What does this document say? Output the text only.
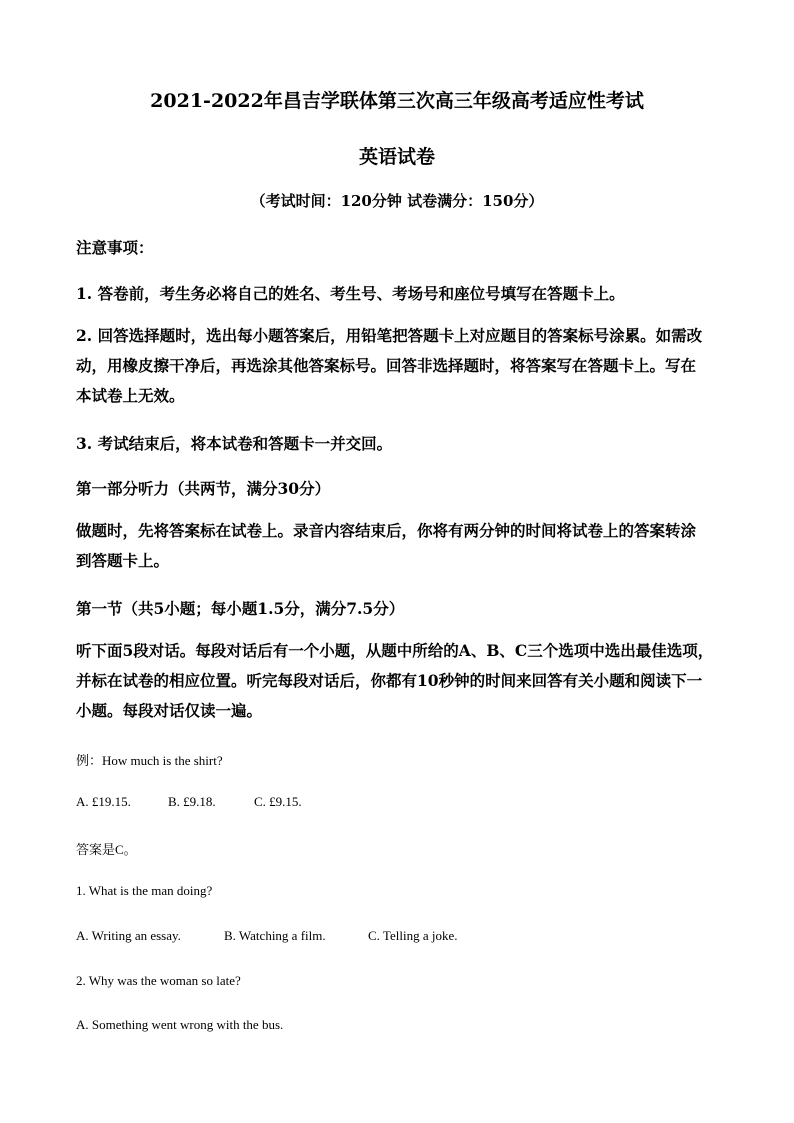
2021-2022年昌吉学联体第三次高三年级高考适应性考试
英语试卷
（考试时间：120分钟 试卷满分：150分）
注意事项：
1. 答卷前，考生务必将自己的姓名、考生号、考场号和座位号填写在答题卡上。
2. 回答选择题时，选出每小题答案后，用铅笔把答题卡上对应题目的答案标号涂累。如需改
动，用橡皮擦干净后，再选涂其他答案标号。回答非选择题时，将答案写在答题卡上。写在
本试卷上无效。
3. 考试结束后，将本试卷和答题卡一并交回。
第一部分听力（共两节，满分30分）
做题时，先将答案标在试卷上。录音内容结束后，你将有两分钟的时间将试卷上的答案转涂
到答题卡上。
第一节（共5小题；每小题1.5分，满分7.5分）
听下面5段对话。每段对话后有一个小题，从题中所给的A、B、C三个选项中选出最佳选项，
并标在试卷的相应位置。听完每段对话后，你都有10秒钟的时间来回答有关小题和阅读下一
小题。每段对话仅读一遍。
例：How much is the shirt?
A. £19.15.	B. £9.18.	C. £9.15.
答案是C。
1. What is the man doing?
A. Writing an essay.	B. Watching a film.	C. Telling a joke.
2. Why was the woman so late?
A. Something went wrong with the bus.
